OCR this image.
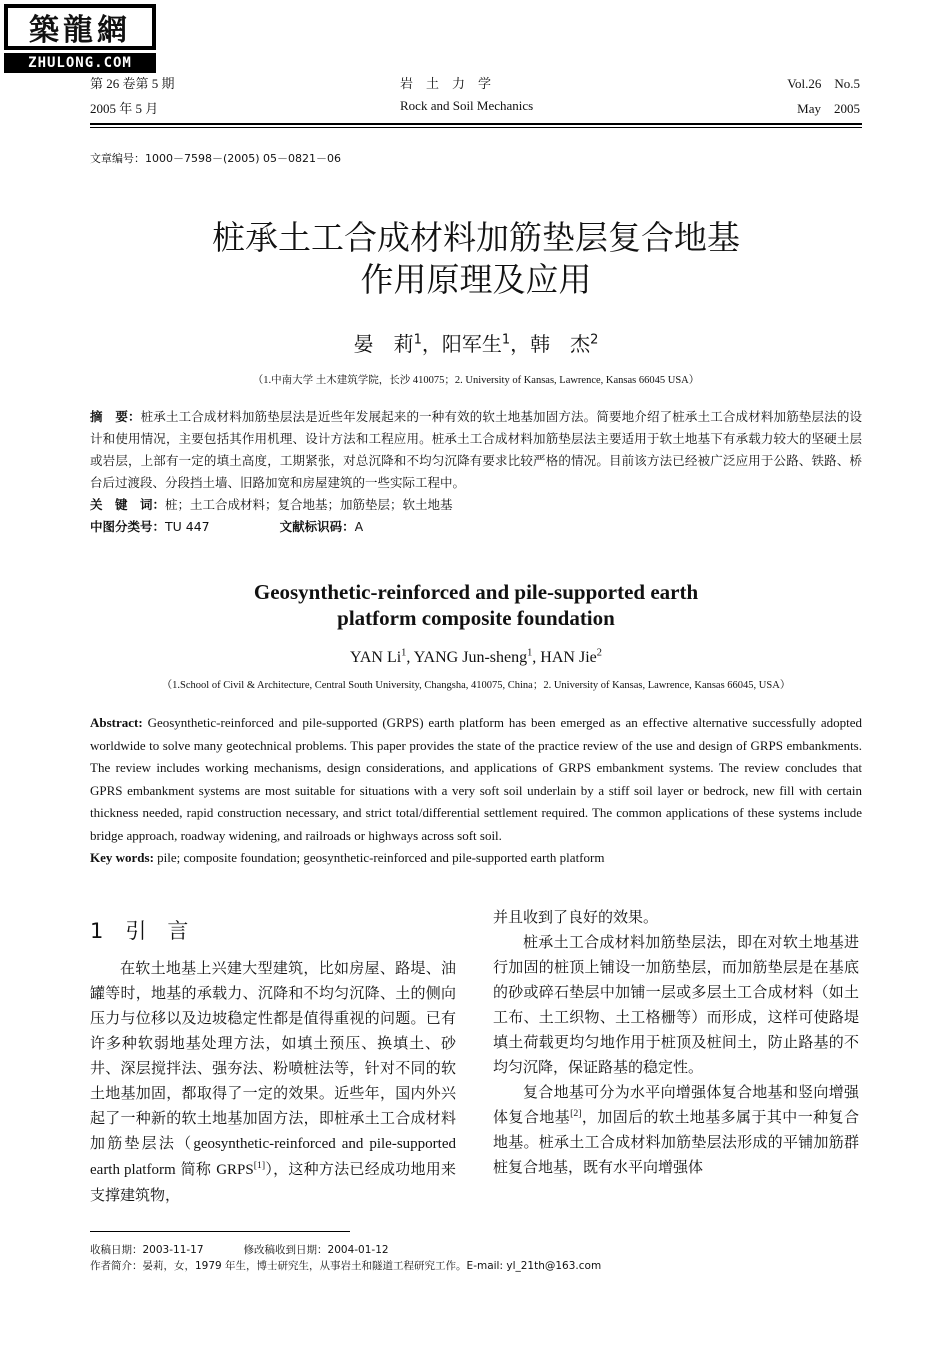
築龍網
ZHULONG.COM
第 26 卷第 5 期
2005 年 5 月
岩　土　力　学
Rock and Soil Mechanics
Vol.26　No.5
May　2005
文章编号：1000－7598－(2005) 05－0821－06
桩承土工合成材料加筋垫层复合地基
作用原理及应用
晏　莉$^1$，阳军生$^1$，韩　杰$^2$
（1.中南大学 土木建筑学院，长沙 410075；2. University of Kansas, Lawrence, Kansas 66045 USA）

摘　要：桩承土工合成材料加筋垫层法是近些年发展起来的一种有效的软土地基加固方法。简要地介绍了桩承土工合成材料加筋垫层法的设计和使用情况，主要包括其作用机理、设计方法和工程应用。桩承土工合成材料加筋垫层法主要适用于软土地基下有承载力较大的坚硬土层或岩层，上部有一定的填土高度，工期紧张，对总沉降和不均匀沉降有要求比较严格的情况。目前该方法已经被广泛应用于公路、铁路、桥台后过渡段、分段挡土墙、旧路加宽和房屋建筑的一些实际工程中。

关　键　词：桩；土工合成材料；复合地基；加筋垫层；软土地基

中图分类号：TU 447	文献标识码：A

Geosynthetic-reinforced and pile-supported earth
platform composite foundation
YAN Li$^1$, YANG Jun-sheng$^1$, HAN Jie$^2$
（1.School of Civil & Architecture, Central South University, Changsha, 410075, China；2. University of Kansas, Lawrence, Kansas 66045, USA）

Abstract: Geosynthetic-reinforced and pile-supported (GRPS) earth platform has been emerged as an effective alternative successfully adopted worldwide to solve many geotechnical problems. This paper provides the state of the practice review of the use and design of GRPS embankments. The review includes working mechanisms, design considerations, and applications of GRPS embankment systems. The review concludes that GPRS embankment systems are most suitable for situations with a very soft soil underlain by a stiff soil layer or bedrock, new fill with certain thickness needed, rapid construction necessary, and strict total/differential settlement required. The common applications of these systems include bridge approach, roadway widening, and railroads or highways across soft soil.

Key words: pile; composite foundation; geosynthetic-reinforced and pile-supported earth platform

1 引　言

在软土地基上兴建大型建筑，比如房屋、路堤、油罐等时，地基的承载力、沉降和不均匀沉降、土的侧向压力与位移以及边坡稳定性都是值得重视的问题。已有许多种软弱地基处理方法，如填土预压、换填土、砂井、深层搅拌法、强夯法、粉喷桩法等，针对不同的软土地基加固，都取得了一定的效果。近些年，国内外兴起了一种新的软土地基加固方法，即桩承土工合成材料加筋垫层法（geosynthetic-reinforced and pile-supported earth platform 简称 GRPS[1]），这种方法已经成功地用来支撑建筑物，

并且收到了良好的效果。

桩承土工合成材料加筋垫层法，即在对软土地基进行加固的桩顶上铺设一加筋垫层，而加筋垫层是在基底的砂或碎石垫层中加铺一层或多层土工合成材料（如土工布、土工织物、土工格栅等）而形成，这样可使路堤填土荷载更均匀地作用于桩顶及桩间土，防止路基的不均匀沉降，保证路基的稳定性。

复合地基可分为水平向增强体复合地基和竖向增强体复合地基[2]，加固后的软土地基多属于其中一种复合地基。桩承土工合成材料加筋垫层法形成的平铺加筋群桩复合地基，既有水平向增强体

收稿日期：2003-11-17	修改稿收到日期：2004-01-12
作者简介：晏莉，女，1979 年生，博士研究生，从事岩土和隧道工程研究工作。E-mail: yl_21th@163.com
